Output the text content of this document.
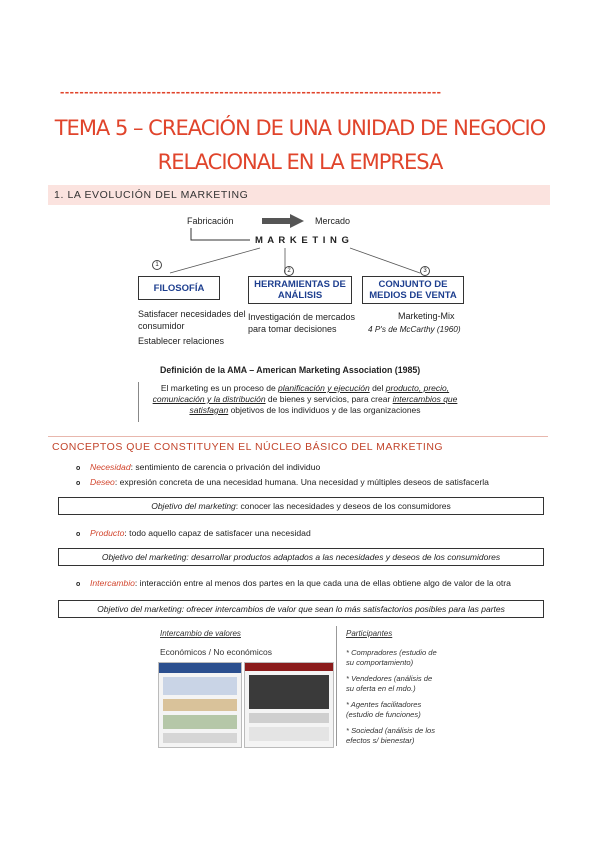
-------------------------------------------------------------------------------
TEMA 5 – CREACIÓN DE UNA UNIDAD DE NEGOCIO
RELACIONAL EN LA EMPRESA
1. LA EVOLUCIÓN DEL MARKETING
Fabricación	Mercado
M A R K E T I N G
1
2	3
FILOSOFÍA	HERRAMIENTAS DE ANÁLISIS
CONJUNTO DE MEDIOS DE VENTA
Satisfacer necesidades del consumidor
Establecer relaciones
Investigación de mercados para tomar decisiones
Marketing-Mix
4 P's de McCarthy (1960)
Definición de la AMA – American Marketing Association (1985)
El marketing es un proceso de planificación y ejecución del producto, precio, comunicación y la distribución de bienes y servicios, para crear intercambios que satisfagan objetivos de los individuos y de las organizaciones
CONCEPTOS QUE CONSTITUYEN EL NÚCLEO BÁSICO DEL MARKETING
o Necesidad: sentimiento de carencia o privación del individuo
o Deseo: expresión concreta de una necesidad humana. Una necesidad y múltiples deseos de satisfacerla
Objetivo del marketing: conocer las necesidades y deseos de los consumidores
o Producto: todo aquello capaz de satisfacer una necesidad
Objetivo del marketing: desarrollar productos adaptados a las necesidades y deseos de los consumidores
o Intercambio: interacción entre al menos dos partes en la que cada una de ellas obtiene algo de valor de la otra
Objetivo del marketing: ofrecer intercambios de valor que sean lo más satisfactorios posibles para las partes
Intercambio de valores
Económicos / No económicos
Participantes
* Compradores (estudio de su comportamiento)
* Vendedores (análisis de su oferta en el mdo.)
* Agentes facilitadores (estudio de funciones)
* Sociedad (análisis de los efectos s/ bienestar)
